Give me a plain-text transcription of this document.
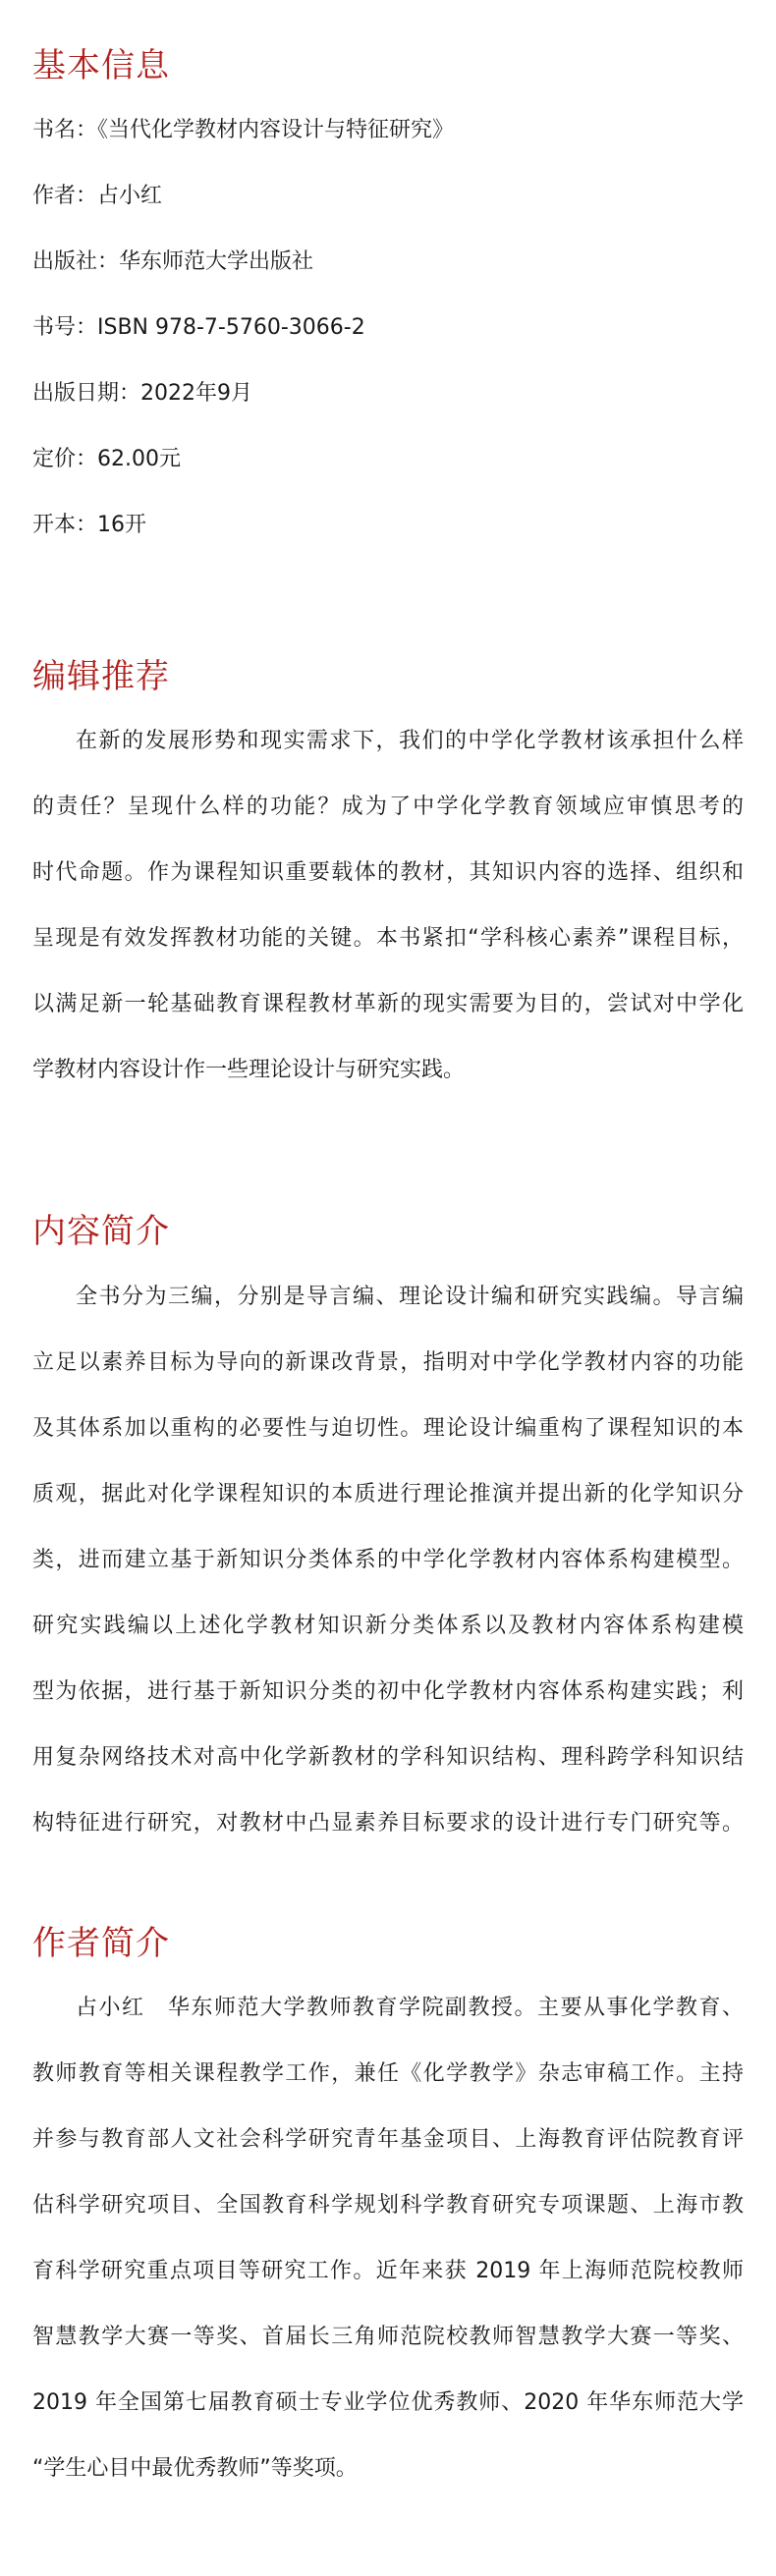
基本信息
书名：《当代化学教材内容设计与特征研究》
作者：占小红
出版社：华东师范大学出版社
书号：ISBN 978-7-5760-3066-2
出版日期：2022年9月
定价：62.00元
开本：16开
编辑推荐
在新的发展形势和现实需求下，我们的中学化学教材该承担什么样
的责任？呈现什么样的功能？成为了中学化学教育领域应审慎思考的
时代命题。作为课程知识重要载体的教材，其知识内容的选择、组织和
呈现是有效发挥教材功能的关键。本书紧扣“学科核心素养”课程目标，
以满足新一轮基础教育课程教材革新的现实需要为目的，尝试对中学化
学教材内容设计作一些理论设计与研究实践。
内容简介
全书分为三编，分别是导言编、理论设计编和研究实践编。导言编
立足以素养目标为导向的新课改背景，指明对中学化学教材内容的功能
及其体系加以重构的必要性与迫切性。理论设计编重构了课程知识的本
质观，据此对化学课程知识的本质进行理论推演并提出新的化学知识分
类，进而建立基于新知识分类体系的中学化学教材内容体系构建模型。
研究实践编以上述化学教材知识新分类体系以及教材内容体系构建模
型为依据，进行基于新知识分类的初中化学教材内容体系构建实践；利
用复杂网络技术对高中化学新教材的学科知识结构、理科跨学科知识结
构特征进行研究，对教材中凸显素养目标要求的设计进行专门研究等。
作者简介
占小红　华东师范大学教师教育学院副教授。主要从事化学教育、
教师教育等相关课程教学工作，兼任《化学教学》杂志审稿工作。主持
并参与教育部人文社会科学研究青年基金项目、上海教育评估院教育评
估科学研究项目、全国教育科学规划科学教育研究专项课题、上海市教
育科学研究重点项目等研究工作。近年来获 2019 年上海师范院校教师
智慧教学大赛一等奖、首届长三角师范院校教师智慧教学大赛一等奖、
2019 年全国第七届教育硕士专业学位优秀教师、2020 年华东师范大学
“学生心目中最优秀教师”等奖项。
